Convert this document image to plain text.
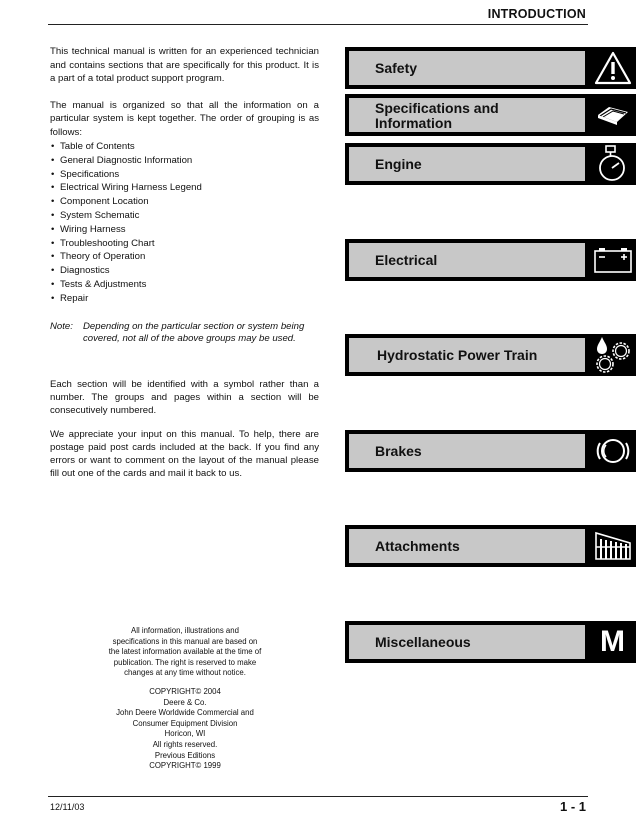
INTRODUCTION

This technical manual is written for an experienced technician and contains sections that are specifically for this product. It is a part of a total product support program.

The manual is organized so that all the information on a particular system is kept together. The order of grouping is as follows:

• Table of Contents
• General Diagnostic Information
• Specifications
• Electrical Wiring Harness Legend
• Component Location
• System Schematic
• Wiring Harness
• Troubleshooting Chart
• Theory of Operation
• Diagnostics
• Tests & Adjustments
• Repair
Note: Depending on the particular section or system being covered, not all of the above groups may be used.

Each section will be identified with a symbol rather than a number. The groups and pages within a section will be consecutively numbered.

We appreciate your input on this manual. To help, there are postage paid post cards included at the back. If you find any errors or want to comment on the layout of the manual please fill out one of the cards and mail it back to us.

Safety
Specifications and
Information
Engine
Electrical
Hydrostatic Power Train
Brakes
Attachments
Miscellaneous	M
All information, illustrations and
specifications in this manual are based on
the latest information available at the time of
publication. The right is reserved to make
changes at any time without notice.
COPYRIGHT© 2004
Deere & Co.
John Deere Worldwide Commercial and
Consumer Equipment Division
Horicon, WI
All rights reserved.
Previous Editions
COPYRIGHT© 1999
12/11/03	1 - 1
